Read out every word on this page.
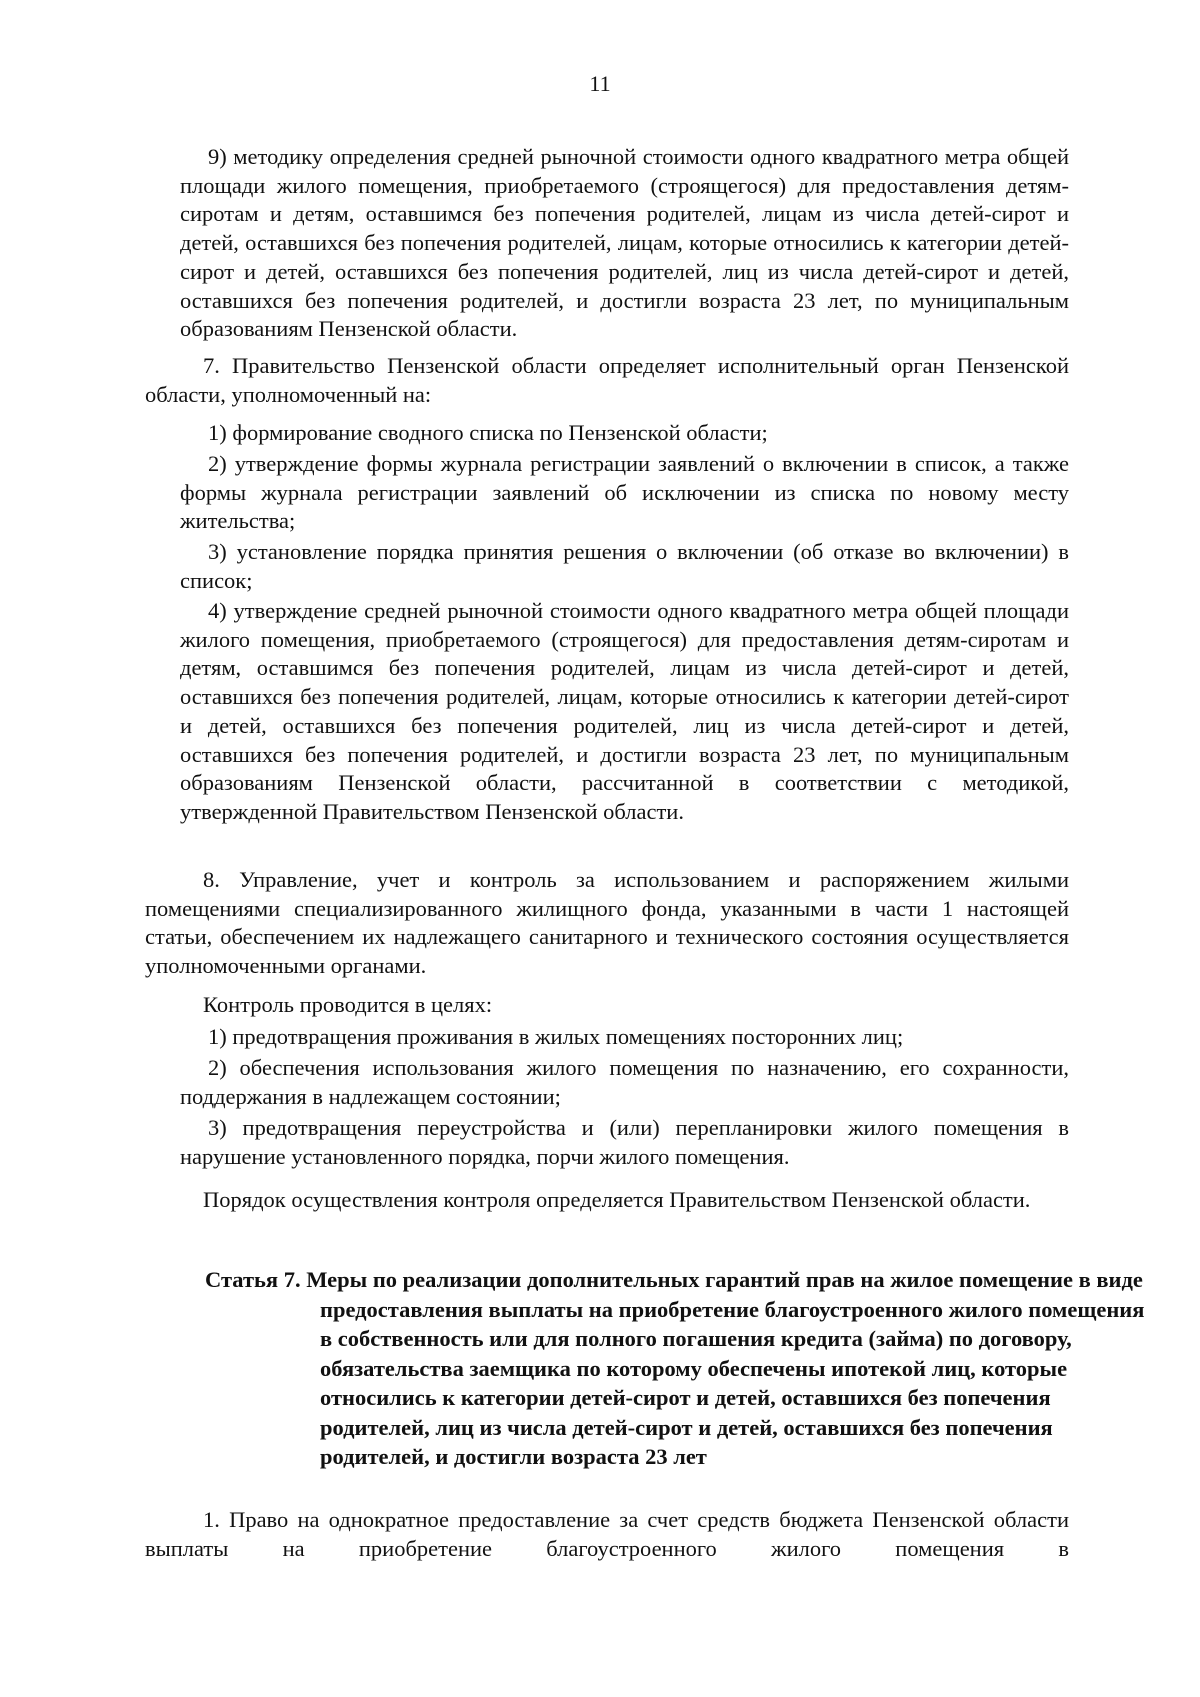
11

9) методику определения средней рыночной стоимости одного квадратного метра общей площади жилого помещения, приобретаемого (строящегося) для предоставления детям-сиротам и детям, оставшимся без попечения родителей, лицам из числа детей-сирот и детей, оставшихся без попечения родителей, лицам, которые относились к категории детей-сирот и детей, оставшихся без попечения родителей, лиц из числа детей-сирот и детей, оставшихся без попечения родителей, и достигли возраста 23 лет, по муниципальным образованиям Пензенской области.

7. Правительство Пензенской области определяет исполнительный орган Пензенской области, уполномоченный на:

1) формирование сводного списка по Пензенской области;

2) утверждение формы журнала регистрации заявлений о включении в список, а также формы журнала регистрации заявлений об исключении из списка по новому месту жительства;

3) установление порядка принятия решения о включении (об отказе во включении) в список;

4) утверждение средней рыночной стоимости одного квадратного метра общей площади жилого помещения, приобретаемого (строящегося) для предоставления детям-сиротам и детям, оставшимся без попечения родителей, лицам из числа детей-сирот и детей, оставшихся без попечения родителей, лицам, которые относились к категории детей-сирот и детей, оставшихся без попечения родителей, лиц из числа детей-сирот и детей, оставшихся без попечения родителей, и достигли возраста 23 лет, по муниципальным образованиям Пензенской области, рассчитанной в соответствии с методикой, утвержденной Правительством Пензенской области.

8. Управление, учет и контроль за использованием и распоряжением жилыми помещениями специализированного жилищного фонда, указанными в части 1 настоящей статьи, обеспечением их надлежащего санитарного и технического состояния осуществляется уполномоченными органами.

Контроль проводится в целях:

1) предотвращения проживания в жилых помещениях посторонних лиц;

2) обеспечения использования жилого помещения по назначению, его сохранности, поддержания в надлежащем состоянии;

3) предотвращения переустройства и (или) перепланировки жилого помещения в нарушение установленного порядка, порчи жилого помещения.

Порядок осуществления контроля определяется Правительством Пензенской области.

Статья 7. Меры по реализации дополнительных гарантий прав на жилое помещение в виде предоставления выплаты на приобретение благоустроенного жилого помещения в собственность или для полного погашения кредита (займа) по договору, обязательства заемщика по которому обеспечены ипотекой лиц, которые относились к категории детей-сирот и детей, оставшихся без попечения родителей, лиц из числа детей-сирот и детей, оставшихся без попечения родителей, и достигли возраста 23 лет

1. Право на однократное предоставление за счет средств бюджета Пензенской области выплаты на приобретение благоустроенного жилого помещения в
